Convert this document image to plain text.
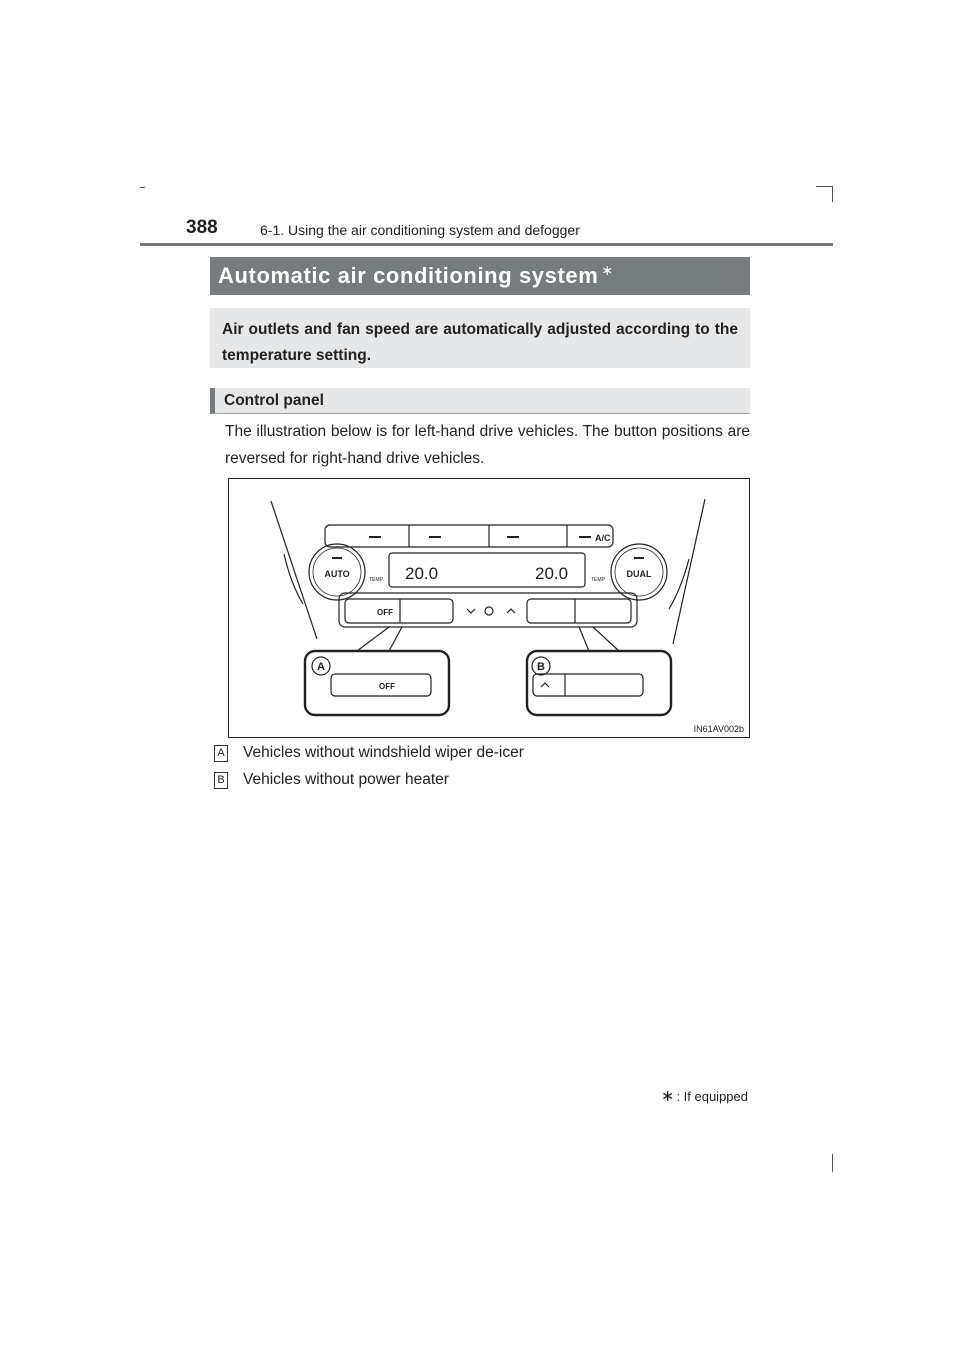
388	6-1. Using the air conditioning system and defogger
Automatic air conditioning system ∗
Air outlets and fan speed are automatically adjusted according to the temperature setting.
Control panel
The illustration below is for left-hand drive vehicles. The button positions are reversed for right-hand drive vehicles.
A/C
AUTO	DUAL
20.0	20.0
TEMP	TEMP
OFF
A
OFF
B
IN61AV002b
A Vehicles without windshield wiper de-icer
B Vehicles without power heater
∗ : If equipped
